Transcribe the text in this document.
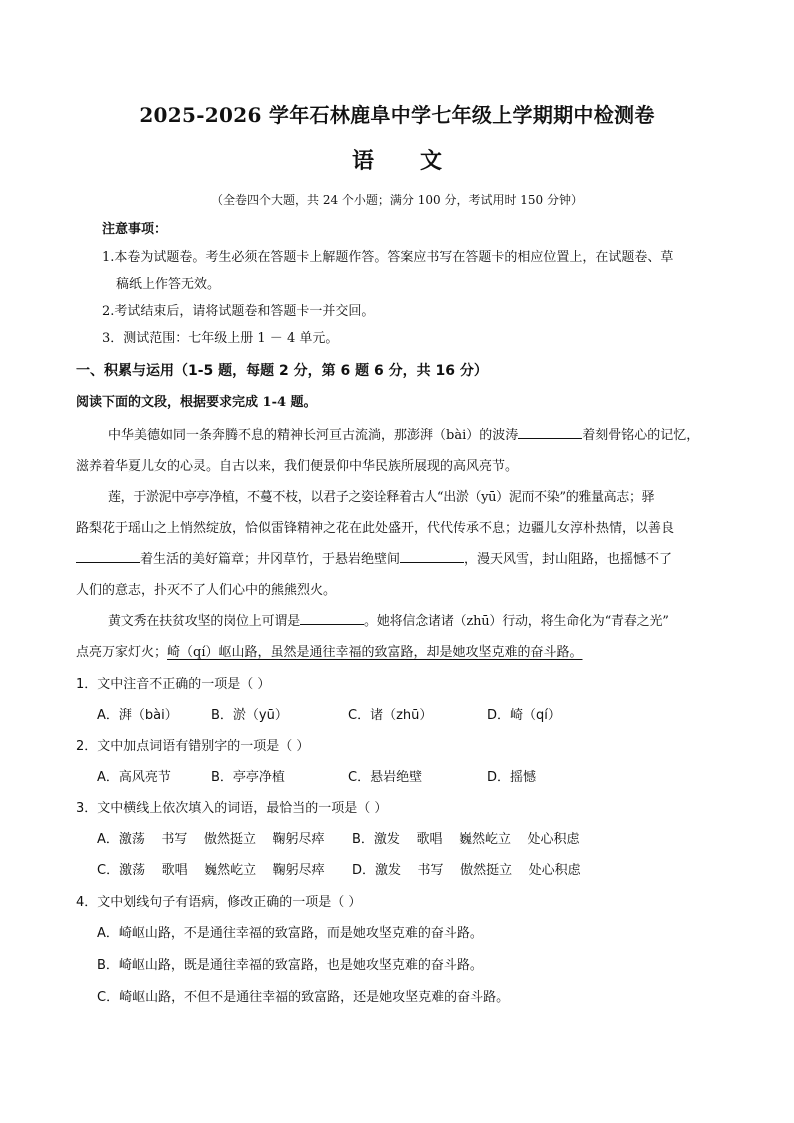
2025-2026 学年石林鹿阜中学七年级上学期期中检测卷
语 文
（全卷四个大题，共 24 个小题；满分 100 分，考试用时 150 分钟）
注意事项：
1.本卷为试题卷。考生必须在答题卡上解题作答。答案应书写在答题卡的相应位置上，在试题卷、草
稿纸上作答无效。
2.考试结束后，请将试题卷和答题卡一并交回。
3．测试范围：七年级上册 1 － 4 单元。
一、积累与运用（1-5 题，每题 2 分，第 6 题 6 分，共 16 分）
阅读下面的文段，根据要求完成 1-4 题。
中华美德如同一条奔腾不息的精神长河亘古流淌，那澎湃（bài）的波涛	着刻骨铭心的记忆，
滋养着华夏儿女的心灵。自古以来，我们便景仰中华民族所展现的高风亮节。
莲，于淤泥中亭亭净植，不蔓不枝，以君子之姿诠释着古人“出淤（yū）泥而不染”的雅量高志；驿
路梨花于瑶山之上悄然绽放，恰似雷锋精神之花在此处盛开，代代传承不息；边疆儿女淳朴热情，以善良
着生活的美好篇章；井冈草竹，于悬岩绝壁间	，漫天风雪，封山阻路，也摇憾不了
人们的意志，扑灭不了人们心中的熊熊烈火。
黄文秀在扶贫攻坚的岗位上可谓是	。她将信念诸诸（zhū）行动，将生命化为“青春之光”
点亮万家灯火；崎（qí）岖山路，虽然是通往幸福的致富路，却是她攻坚克难的奋斗路。
1．文中注音不正确的一项是（ ）
A．湃（bài）	B．淤（yū）	C．诸（zhū）	D．崎（qí）
2．文中加点词语有错别字的一项是（ ）
A．高风亮节	B．亭亭净植	C．悬岩绝壁	D．摇憾
3．文中横线上依次填入的词语，最恰当的一项是（ ）
A．激荡    书写    傲然挺立    鞠躬尽瘁 B．激发    歌唱    巍然屹立    处心积虑
C．激荡    歌唱    巍然屹立    鞠躬尽瘁 D．激发    书写    傲然挺立    处心积虑
4．文中划线句子有语病，修改正确的一项是（ ）
A．崎岖山路，不是通往幸福的致富路，而是她攻坚克难的奋斗路。
B．崎岖山路，既是通往幸福的致富路，也是她攻坚克难的奋斗路。
C．崎岖山路，不但不是通往幸福的致富路，还是她攻坚克难的奋斗路。
